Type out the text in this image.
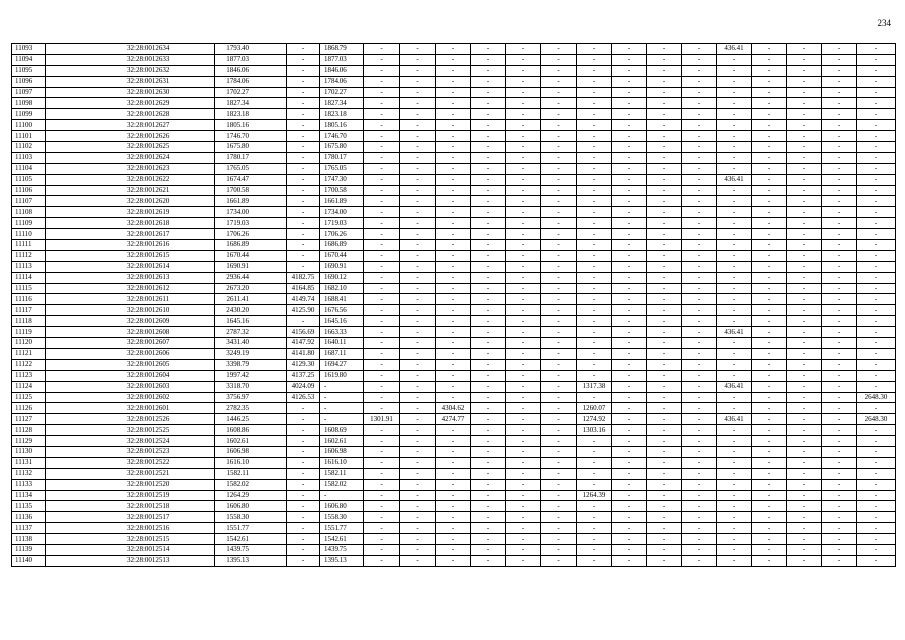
234
11093	32:28:0012634	1793.40	-	1868.79	-	-	-	-	-	-	-	-	-	-	436.41	-	-	-	-
11094	32:28:0012633	1877.03	-	1877.03	-	-	-	-	-	-	-	-	-	-	-	-	-	-	-
11095	32:28:0012632	1846.06	-	1846.06	-	-	-	-	-	-	-	-	-	-	-	-	-	-	-
11096	32:28:0012631	1784.06	-	1784.06	-	-	-	-	-	-	-	-	-	-	-	-	-	-	-
11097	32:28:0012630	1702.27	-	1702.27	-	-	-	-	-	-	-	-	-	-	-	-	-	-	-
11098	32:28:0012629	1827.34	-	1827.34	-	-	-	-	-	-	-	-	-	-	-	-	-	-	-
11099	32:28:0012628	1823.18	-	1823.18	-	-	-	-	-	-	-	-	-	-	-	-	-	-	-
11100	32:28:0012627	1805.16	-	1805.16	-	-	-	-	-	-	-	-	-	-	-	-	-	-	-
11101	32:28:0012626	1746.70	-	1746.70	-	-	-	-	-	-	-	-	-	-	-	-	-	-	-
11102	32:28:0012625	1675.80	-	1675.80	-	-	-	-	-	-	-	-	-	-	-	-	-	-	-
11103	32:28:0012624	1780.17	-	1780.17	-	-	-	-	-	-	-	-	-	-	-	-	-	-	-
11104	32:28:0012623	1765.05	-	1765.05	-	-	-	-	-	-	-	-	-	-	-	-	-	-	-
11105	32:28:0012622	1674.47	-	1747.30	-	-	-	-	-	-	-	-	-	-	436.41	-	-	-	-
11106	32:28:0012621	1700.58	-	1700.58	-	-	-	-	-	-	-	-	-	-	-	-	-	-	-
11107	32:28:0012620	1661.89	-	1661.89	-	-	-	-	-	-	-	-	-	-	-	-	-	-	-
11108	32:28:0012619	1734.00	-	1734.00	-	-	-	-	-	-	-	-	-	-	-	-	-	-	-
11109	32:28:0012618	1719.03	-	1719.03	-	-	-	-	-	-	-	-	-	-	-	-	-	-	-
11110	32:28:0012617	1706.26	-	1706.26	-	-	-	-	-	-	-	-	-	-	-	-	-	-	-
11111	32:28:0012616	1686.89	-	1686.89	-	-	-	-	-	-	-	-	-	-	-	-	-	-	-
11112	32:28:0012615	1670.44	-	1670.44	-	-	-	-	-	-	-	-	-	-	-	-	-	-	-
11113	32:28:0012614	1690.91	-	1690.91	-	-	-	-	-	-	-	-	-	-	-	-	-	-	-
11114	32:28:0012613	2936.44	4182.75	1690.12	-	-	-	-	-	-	-	-	-	-	-	-	-	-	-
11115	32:28:0012612	2673.20	4164.85	1682.10	-	-	-	-	-	-	-	-	-	-	-	-	-	-	-
11116	32:28:0012611	2611.41	4149.74	1688.41	-	-	-	-	-	-	-	-	-	-	-	-	-	-	-
11117	32:28:0012610	2430.20	4125.90	1676.56	-	-	-	-	-	-	-	-	-	-	-	-	-	-	-
11118	32:28:0012609	1645.16	-	1645.16	-	-	-	-	-	-	-	-	-	-	-	-	-	-	-
11119	32:28:0012608	2787.32	4156.69	1663.33	-	-	-	-	-	-	-	-	-	-	436.41	-	-	-	-
11120	32:28:0012607	3431.40	4147.92	1640.11	-	-	-	-	-	-	-	-	-	-	-	-	-	-	-
11121	32:28:0012606	3249.19	4141.80	1687.11	-	-	-	-	-	-	-	-	-	-	-	-	-	-	-
11122	32:28:0012605	3398.79	4129.30	1694.27	-	-	-	-	-	-	-	-	-	-	-	-	-	-	-
11123	32:28:0012604	1997.42	4137.25	1619.80	-	-	-	-	-	-	-	-	-	-	-	-	-	-	-
11124	32:28:0012603	3318.70	4024.09	-	-	-	-	-	-	-	1317.38	-	-	-	436.41	-	-	-	-
11125	32:28:0012602	3756.97	4126.53	-	-	-	-	-	-	-	-	-	-	-	-	-	-	-	2648.30
11126	32:28:0012601	2782.35	-	-	-	-	4304.62	-	-	-	1260.07	-	-	-	-	-	-	-	-
11127	32:28:0012526	1446.25	-	-	1301.91	-	4274.77	-	-	-	1274.92	-	-	-	436.41	-	-	-	2648.30
11128	32:28:0012525	1608.86	-	1608.69	-	-	-	-	-	-	1303.16	-	-	-	-	-	-	-	-
11129	32:28:0012524	1602.61	-	1602.61	-	-	-	-	-	-	-	-	-	-	-	-	-	-	-
11130	32:28:0012523	1606.98	-	1606.98	-	-	-	-	-	-	-	-	-	-	-	-	-	-	-
11131	32:28:0012522	1616.10	-	1616.10	-	-	-	-	-	-	-	-	-	-	-	-	-	-	-
11132	32:28:0012521	1582.11	-	1582.11	-	-	-	-	-	-	-	-	-	-	-	-	-	-	-
11133	32:28:0012520	1582.02	-	1582.02	-	-	-	-	-	-	-	-	-	-	-	-	-	-	-
11134	32:28:0012519	1264.29	-	-	-	-	-	-	-	-	1264.39	-	-	-	-	-	-	-	-
11135	32:28:0012518	1606.80	-	1606.80	-	-	-	-	-	-	-	-	-	-	-	-	-	-	-
11136	32:28:0012517	1558.30	-	1558.30	-	-	-	-	-	-	-	-	-	-	-	-	-	-	-
11137	32:28:0012516	1551.77	-	1551.77	-	-	-	-	-	-	-	-	-	-	-	-	-	-	-
11138	32:28:0012515	1542.61	-	1542.61	-	-	-	-	-	-	-	-	-	-	-	-	-	-	-
11139	32:28:0012514	1439.75	-	1439.75	-	-	-	-	-	-	-	-	-	-	-	-	-	-	-
11140	32:28:0012513	1395.13	-	1395.13	-	-	-	-	-	-	-	-	-	-	-	-	-	-	-
